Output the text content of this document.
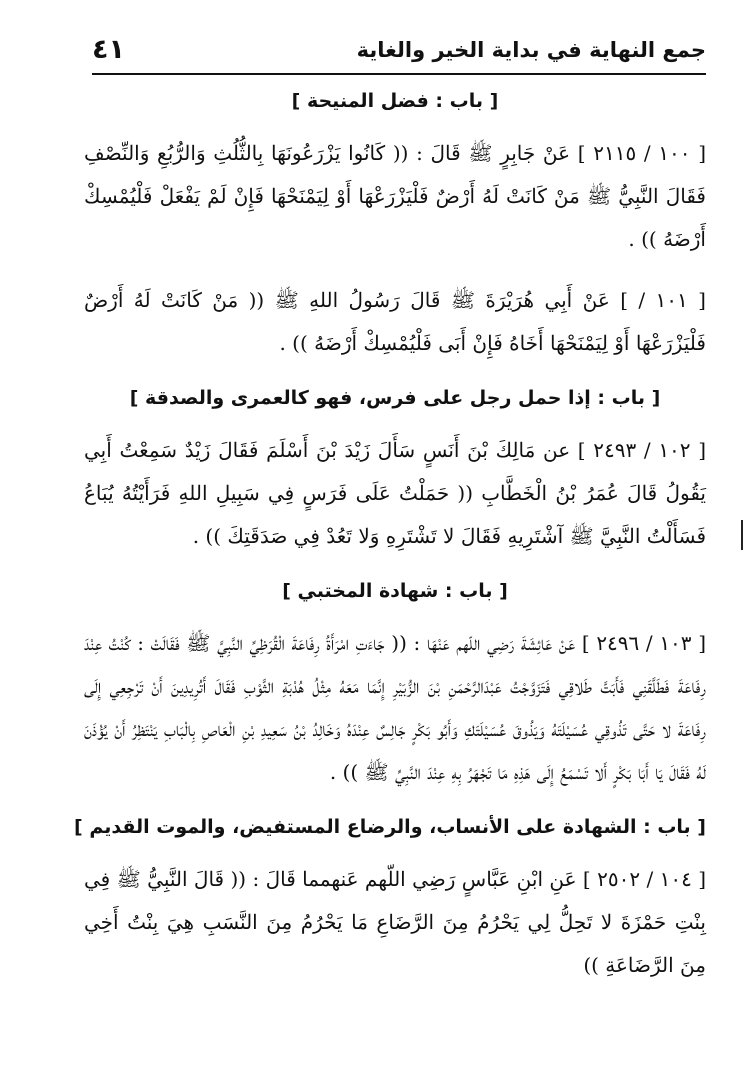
جمع النهاية في بداية الخير والغاية
٤١
[ باب : فضل المنيحة ]

[ ١٠٠ / ٢١١٥ ] عَنْ جَابِرٍ ﷺ قَالَ : (( كَانُوا يَزْرَعُونَهَا بِالثُّلُثِ وَالرُّبُعِ وَالنِّصْفِ فَقَالَ النَّبِيُّ ﷺ مَنْ كَانَتْ لَهُ أَرْضٌ فَلْيَزْرَعْهَا أَوْ لِيَمْنَحْهَا فَإِنْ لَمْ يَفْعَلْ فَلْيُمْسِكْ أَرْضَهُ )) .

[ ١٠١ / ] عَنْ أَبِي هُرَيْرَةَ ﷺ قَالَ رَسُولُ اللهِ ﷺ (( مَنْ كَانَتْ لَهُ أَرْضٌ فَلْيَزْرَعْهَا أَوْ لِيَمْنَحْهَا أَخَاهُ فَإِنْ أَبَى فَلْيُمْسِكْ أَرْضَهُ )) .

[ باب : إذا حمل رجل على فرس، فهو كالعمرى والصدقة ]

[ ١٠٢ / ٢٤٩٣ ] عن مَالِكَ بْنَ أَنَسٍ سَأَلَ زَيْدَ بْنَ أَسْلَمَ فَقَالَ زَيْدٌ سَمِعْتُ أَبِي يَقُولُ قَالَ عُمَرُ بْنُ الْخَطَّابِ (( حَمَلْتُ عَلَى فَرَسٍ فِي سَبِيلِ اللهِ فَرَأَيْتُهُ يُبَاعُ فَسَأَلْتُ النَّبِيَّ ﷺ آشْتَرِيهِ فَقَالَ لا تَشْتَرِهِ وَلا تَعُدْ فِي صَدَقَتِكَ )) .

[ باب : شهادة المختبي ]

[ ١٠٣ / ٢٤٩٦ ] عَنْ عَائِشَةَ رَضِي اللّهم عَنْهَا : (( جَاءَتِ امْرَأَةُ رِفَاعَةَ الْقُرَظِيِّ النَّبِيَّ ﷺ فَقَالَتْ : كُنْتُ عِنْدَ رِفَاعَةَ فَطَلَّقَنِي فَأَبَتَّ طَلاقِي فَتَزَوَّجْتُ عَبْدَالرَّحْمَنِ بْنَ الزُّبَيْرِ إِنَّمَا مَعَهُ مِثْلُ هُدْبَةِ الثَّوْبِ فَقَالَ أَتُرِيدِينَ أَنْ تَرْجِعِي إِلَى رِفَاعَةَ لا حَتَّى تَذُوقِي عُسَيْلَتَهُ وَيَذُوقَ عُسَيْلَتَكِ وَأَبُو بَكْرٍ جَالِسٌ عِنْدَهُ وَخَالِدُ بْنُ سَعِيدِ بْنِ الْعَاصِ بِالْبَابِ يَنْتَظِرُ أَنْ يُؤْذَنَ لَهُ فَقَالَ يَا أَبَا بَكْرٍ أَلا تَسْمَعُ إِلَى هَذِهِ مَا تَجْهَرُ بِهِ عِنْدَ النَّبِيِّ ﷺ )) .

[ باب : الشهادة على الأنساب، والرضاع المستفيض، والموت القديم ]

[ ١٠٤ / ٢٥٠٢ ] عَنِ ابْنِ عَبَّاسٍ رَضِي اللّهم عَنهمما قَالَ : (( قَالَ النَّبِيُّ ﷺ فِي بِنْتِ حَمْزَةَ لا تَحِلُّ لِي يَحْرُمُ مِنَ الرَّضَاعِ مَا يَحْرُمُ مِنَ النَّسَبِ هِيَ بِنْتُ أَخِي مِنَ الرَّضَاعَةِ ))
